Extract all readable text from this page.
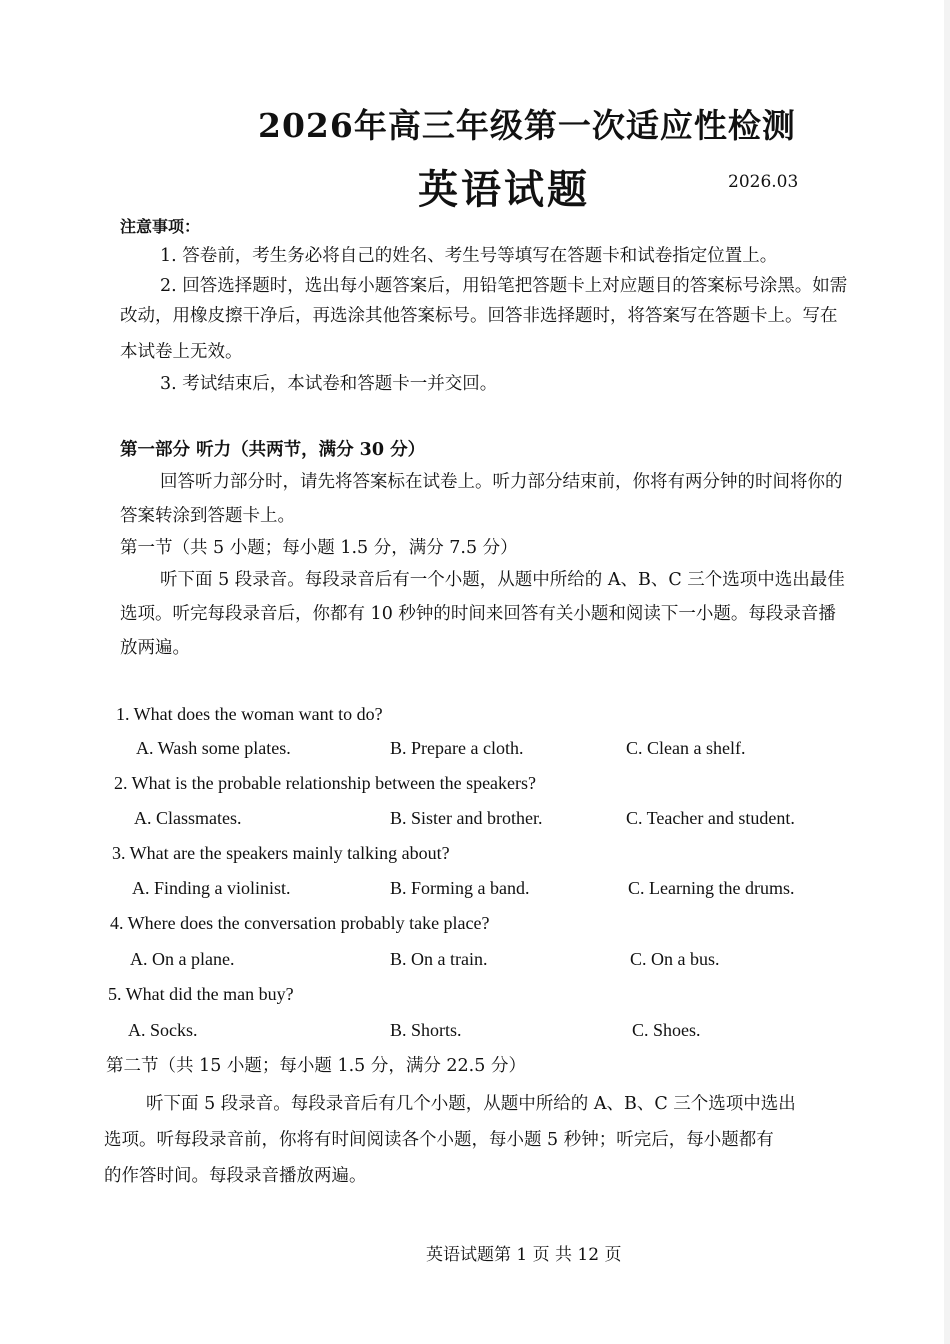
2026年高三年级第一次适应性检测
英语试题	2026.03
注意事项：
1. 答卷前，考生务必将自己的姓名、考生号等填写在答题卡和试卷指定位置上。
2. 回答选择题时，选出每小题答案后，用铅笔把答题卡上对应题目的答案标号涂黑。如需
改动，用橡皮擦干净后，再选涂其他答案标号。回答非选择题时，将答案写在答题卡上。写在
本试卷上无效。
3. 考试结束后，本试卷和答题卡一并交回。
第一部分 听力（共两节，满分 30 分）
回答听力部分时，请先将答案标在试卷上。听力部分结束前，你将有两分钟的时间将你的
答案转涂到答题卡上。
第一节（共 5 小题；每小题 1.5 分，满分 7.5 分）
听下面 5 段录音。每段录音后有一个小题，从题中所给的 A、B、C 三个选项中选出最佳
选项。听完每段录音后，你都有 10 秒钟的时间来回答有关小题和阅读下一小题。每段录音播
放两遍。
1. What does the woman want to do?
A. Wash some plates.	B. Prepare a cloth.	C. Clean a shelf.
2. What is the probable relationship between the speakers?
A. Classmates.	B. Sister and brother.	C. Teacher and student.
3. What are the speakers mainly talking about?
A. Finding a violinist.	B. Forming a band.	C. Learning the drums.
4. Where does the conversation probably take place?
A. On a plane.	B. On a train.	C. On a bus.
5. What did the man buy?
A. Socks.	B. Shorts.	C. Shoes.
第二节（共 15 小题；每小题 1.5 分，满分 22.5 分）
听下面 5 段录音。每段录音后有几个小题，从题中所给的 A、B、C 三个选项中选出
选项。听每段录音前，你将有时间阅读各个小题，每小题 5 秒钟；听完后，每小题都有
的作答时间。每段录音播放两遍。
英语试题第 1 页 共 12 页
